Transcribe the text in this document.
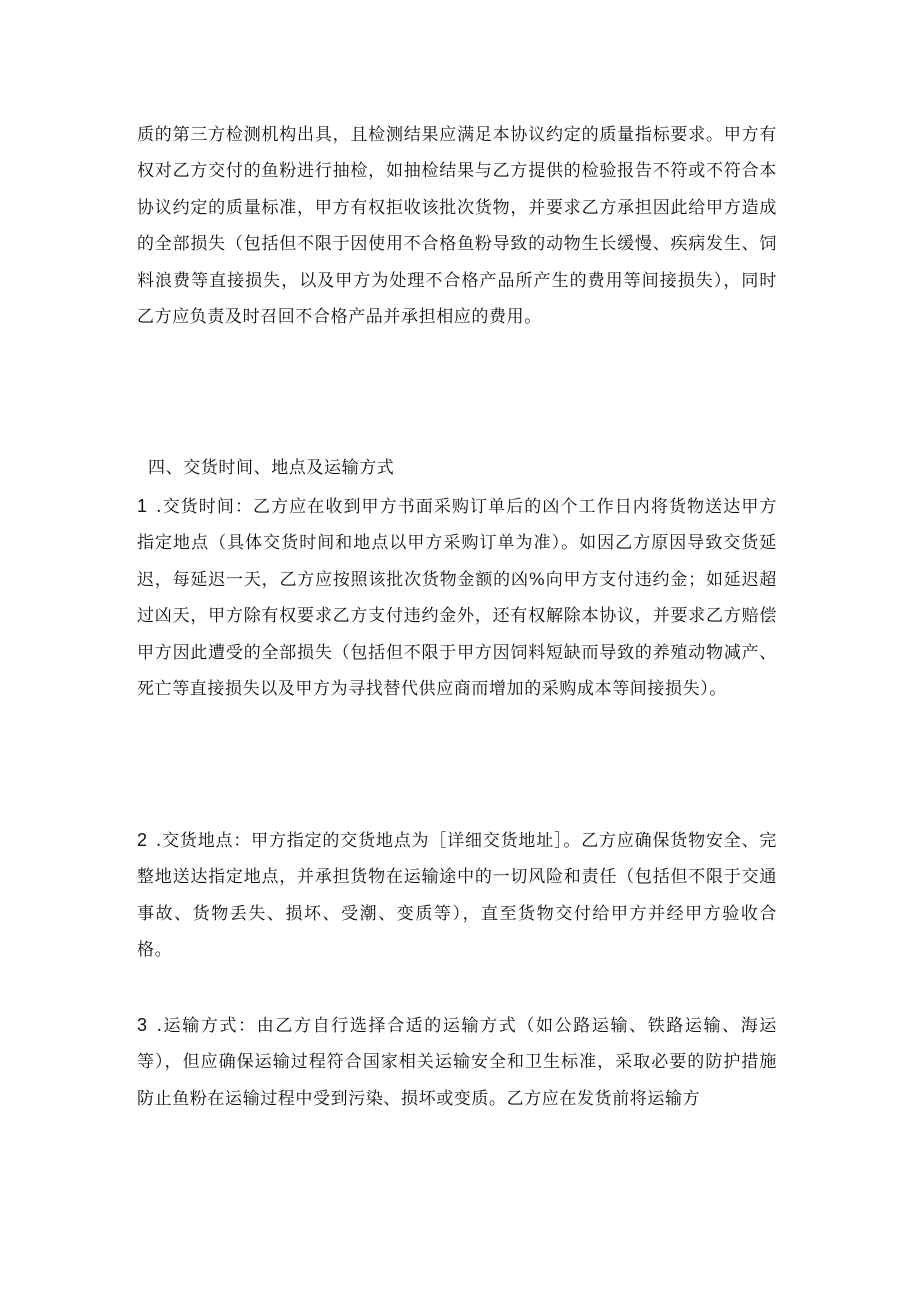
质的第三方检测机构出具，且检测结果应满足本协议约定的质量指标要求。甲方有权对乙方交付的鱼粉进行抽检，如抽检结果与乙方提供的检验报告不符或不符合本协议约定的质量标准，甲方有权拒收该批次货物，并要求乙方承担因此给甲方造成的全部损失（包括但不限于因使用不合格鱼粉导致的动物生长缓慢、疾病发生、饲料浪费等直接损失，以及甲方为处理不合格产品所产生的费用等间接损失），同时乙方应负责及时召回不合格产品并承担相应的费用。

四、交货时间、地点及运输方式

1 .交货时间：乙方应在收到甲方书面采购订单后的凶个工作日内将货物送达甲方指定地点（具体交货时间和地点以甲方采购订单为准）。如因乙方原因导致交货延迟，每延迟一天，乙方应按照该批次货物金额的凶%向甲方支付违约金；如延迟超过凶天，甲方除有权要求乙方支付违约金外，还有权解除本协议，并要求乙方赔偿甲方因此遭受的全部损失（包括但不限于甲方因饲料短缺而导致的养殖动物减产、死亡等直接损失以及甲方为寻找替代供应商而增加的采购成本等间接损失）。

2 .交货地点：甲方指定的交货地点为［详细交货地址］。乙方应确保货物安全、完整地送达指定地点，并承担货物在运输途中的一切风险和责任（包括但不限于交通事故、货物丢失、损坏、受潮、变质等），直至货物交付给甲方并经甲方验收合格。

3 .运输方式：由乙方自行选择合适的运输方式（如公路运输、铁路运输、海运等），但应确保运输过程符合国家相关运输安全和卫生标准，采取必要的防护措施防止鱼粉在运输过程中受到污染、损坏或变质。乙方应在发货前将运输方
